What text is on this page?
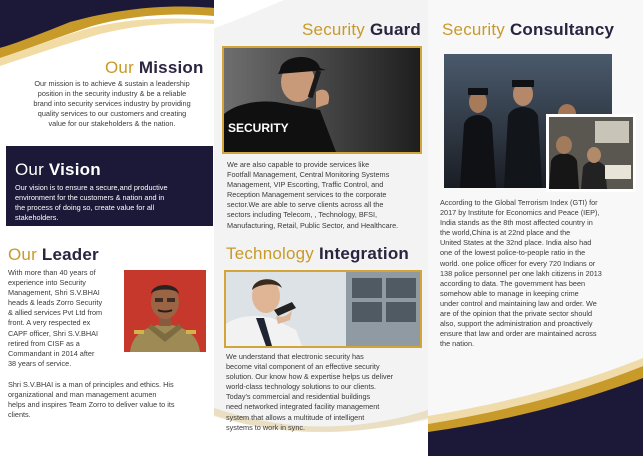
Our Mission
Our mission is to achieve & sustain a leadership
position in the security industry & be a reliable
brand into security services industry by providing
quality services to our customers and creating
value for our stakeholders & the nation.
Our Vision
Our vision is to ensure a secure,and productive
environment for the customers & nation and in
the process of doing so, create value for all
stakeholders.
Our Leader
With more than 40 years of
experience into Security
Management, Shri S.V.BHAI
heads & leads Zorro Security
& allied services Pvt Ltd from
front. A very respected ex
CAPF officer, Shri S.V.BHAI
retired from CISF as a
Commandant in 2014 after
38 years of service.
Shri S.V.BHAI is a man of principles and ethics. His
organizational and man management acumen
helps and inspires Team Zorro to deliver value to its
clients.
Security Guard
SECURITY
We are also capable to provide services like
Footfall Management, Central Monitoring Systems
Management, VIP Escorting, Traffic Control, and
Reception Management services to the corporate
sector.We are able to serve clients across all the
sectors including Telecom, , Technology, BFSI,
Manufacturing, Retail, Public Sector, and Healthcare.
Technology Integration
We understand that electronic security has
become vital component of an effective security
solution. Our know how & expertise helps us deliver
world-class technology solutions to our clients.
Today's commercial and residential buildings
need networked integrated facility management
system that allows a multitude of intelligent
systems to work in sync.
Security Consultancy
According to the Global Terrorism Index (GTI) for
2017 by Institute for Economics and Peace (IEP),
India stands as the 8th most affected country in
the world,China is at 22nd place and the
United States at the 32nd place. India also had
one of the lowest police-to-people ratio in the
world. one police officer for every 720 Indians or
138 police personnel per one lakh citizens in 2013
according to data. The government has been
somehow able to manage in keeping crime
under control and maintaining law and order. We
are of the opinion that the private sector should
also, support the administration and proactively
ensure that law and order are maintained across
the nation.
